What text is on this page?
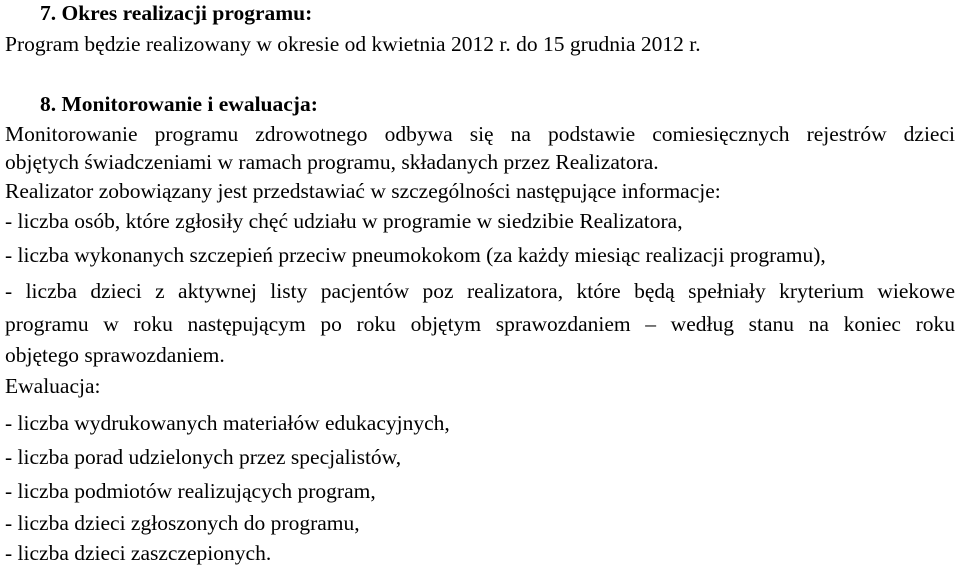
7. Okres realizacji programu:
Program będzie realizowany w okresie od kwietnia 2012 r. do 15 grudnia 2012 r.
8. Monitorowanie i ewaluacja:
Monitorowanie programu zdrowotnego odbywa się na podstawie comiesięcznych rejestrów dzieci
objętych świadczeniami w ramach programu, składanych przez Realizatora.
Realizator zobowiązany jest przedstawiać w szczególności następujące informacje:
- liczba osób, które zgłosiły chęć udziału w programie w siedzibie Realizatora,
- liczba wykonanych szczepień przeciw pneumokokom (za każdy miesiąc realizacji programu),
- liczba dzieci z aktywnej listy pacjentów poz realizatora, które będą spełniały kryterium wiekowe
programu w roku następującym po roku objętym sprawozdaniem – według stanu na koniec roku
objętego sprawozdaniem.
Ewaluacja:
- liczba wydrukowanych materiałów edukacyjnych,
- liczba porad udzielonych przez specjalistów,
- liczba podmiotów realizujących program,
- liczba dzieci zgłoszonych do programu,
- liczba dzieci zaszczepionych.
